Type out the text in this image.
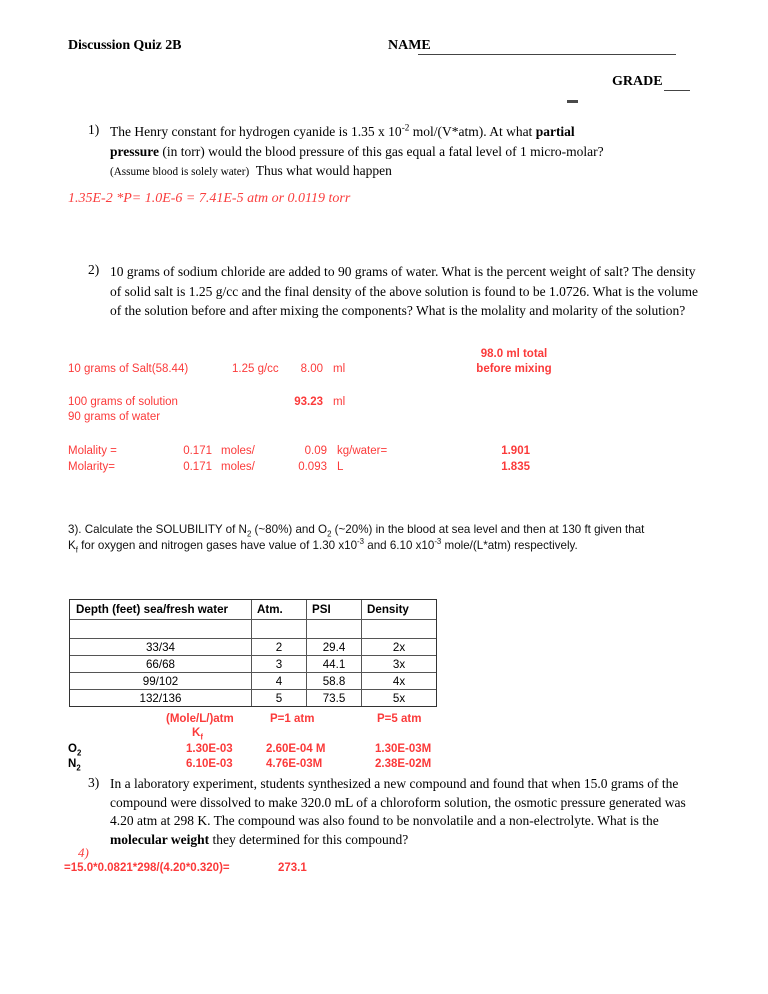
Discussion Quiz 2B	NAME
GRADE
1) The Henry constant for hydrogen cyanide is 1.35 x $10^{-2}$ mol/(V*atm). At what partial
pressure (in torr) would the blood pressure of this gas equal a fatal level of 1 micro-molar?
(Assume blood is solely water) Thus what would happen
1.35E-2 *P= 1.0E-6 = 7.41E-5 atm or 0.0119 torr
2) 10 grams of sodium chloride are added to 90 grams of water. What is the percent weight of salt? The density of solid salt is 1.25 g/cc and the final density of the above solution is found to be 1.0726. What is the volume of the solution before and after mixing the components? What is the molality and molarity of the solution?
98.0 ml total
before mixing
10 grams of Salt(58.44)	1.25 g/cc	8.00 ml
100 grams of solution	93.23 ml
90 grams of water
Molality =	0.171 moles/	0.09 kg/water=	1.901
Molarity=	0.171 moles/	0.093 L	1.835
3). Calculate the SOLUBILITY of $N_2$ (~80%) and $O_2$ (~20%) in the blood at sea level and then at 130 ft given that
$K_f$ for oxygen and nitrogen gases have value of 1.30 $x10^{-3}$ and 6.10 $x10^{-3}$ mole/(L*atm) respectively.
Depth (feet) sea/fresh water	Atm.	PSI	Density

33/34	2	29.4	2x
66/68	3	44.1	3x
99/102	4	58.8	4x
132/136	5	73.5	5x
(Mole/L/)atm	P=1 atm	P=5 atm
$K_f$
$O_2$	1.30E-03	2.60E-04 M	1.30E-03M
$N_2$	6.10E-03	4.76E-03M	2.38E-02M
3) In a laboratory experiment, students synthesized a new compound and found that when 15.0 grams of the compound were dissolved to make 320.0 mL of a chloroform solution, the osmotic pressure generated was 4.20 atm at 298 K. The compound was also found to be nonvolatile and a non-electrolyte. What is the molecular weight they determined for this compound?
4)
=15.0*0.0821*298/(4.20*0.320)=	273.1
